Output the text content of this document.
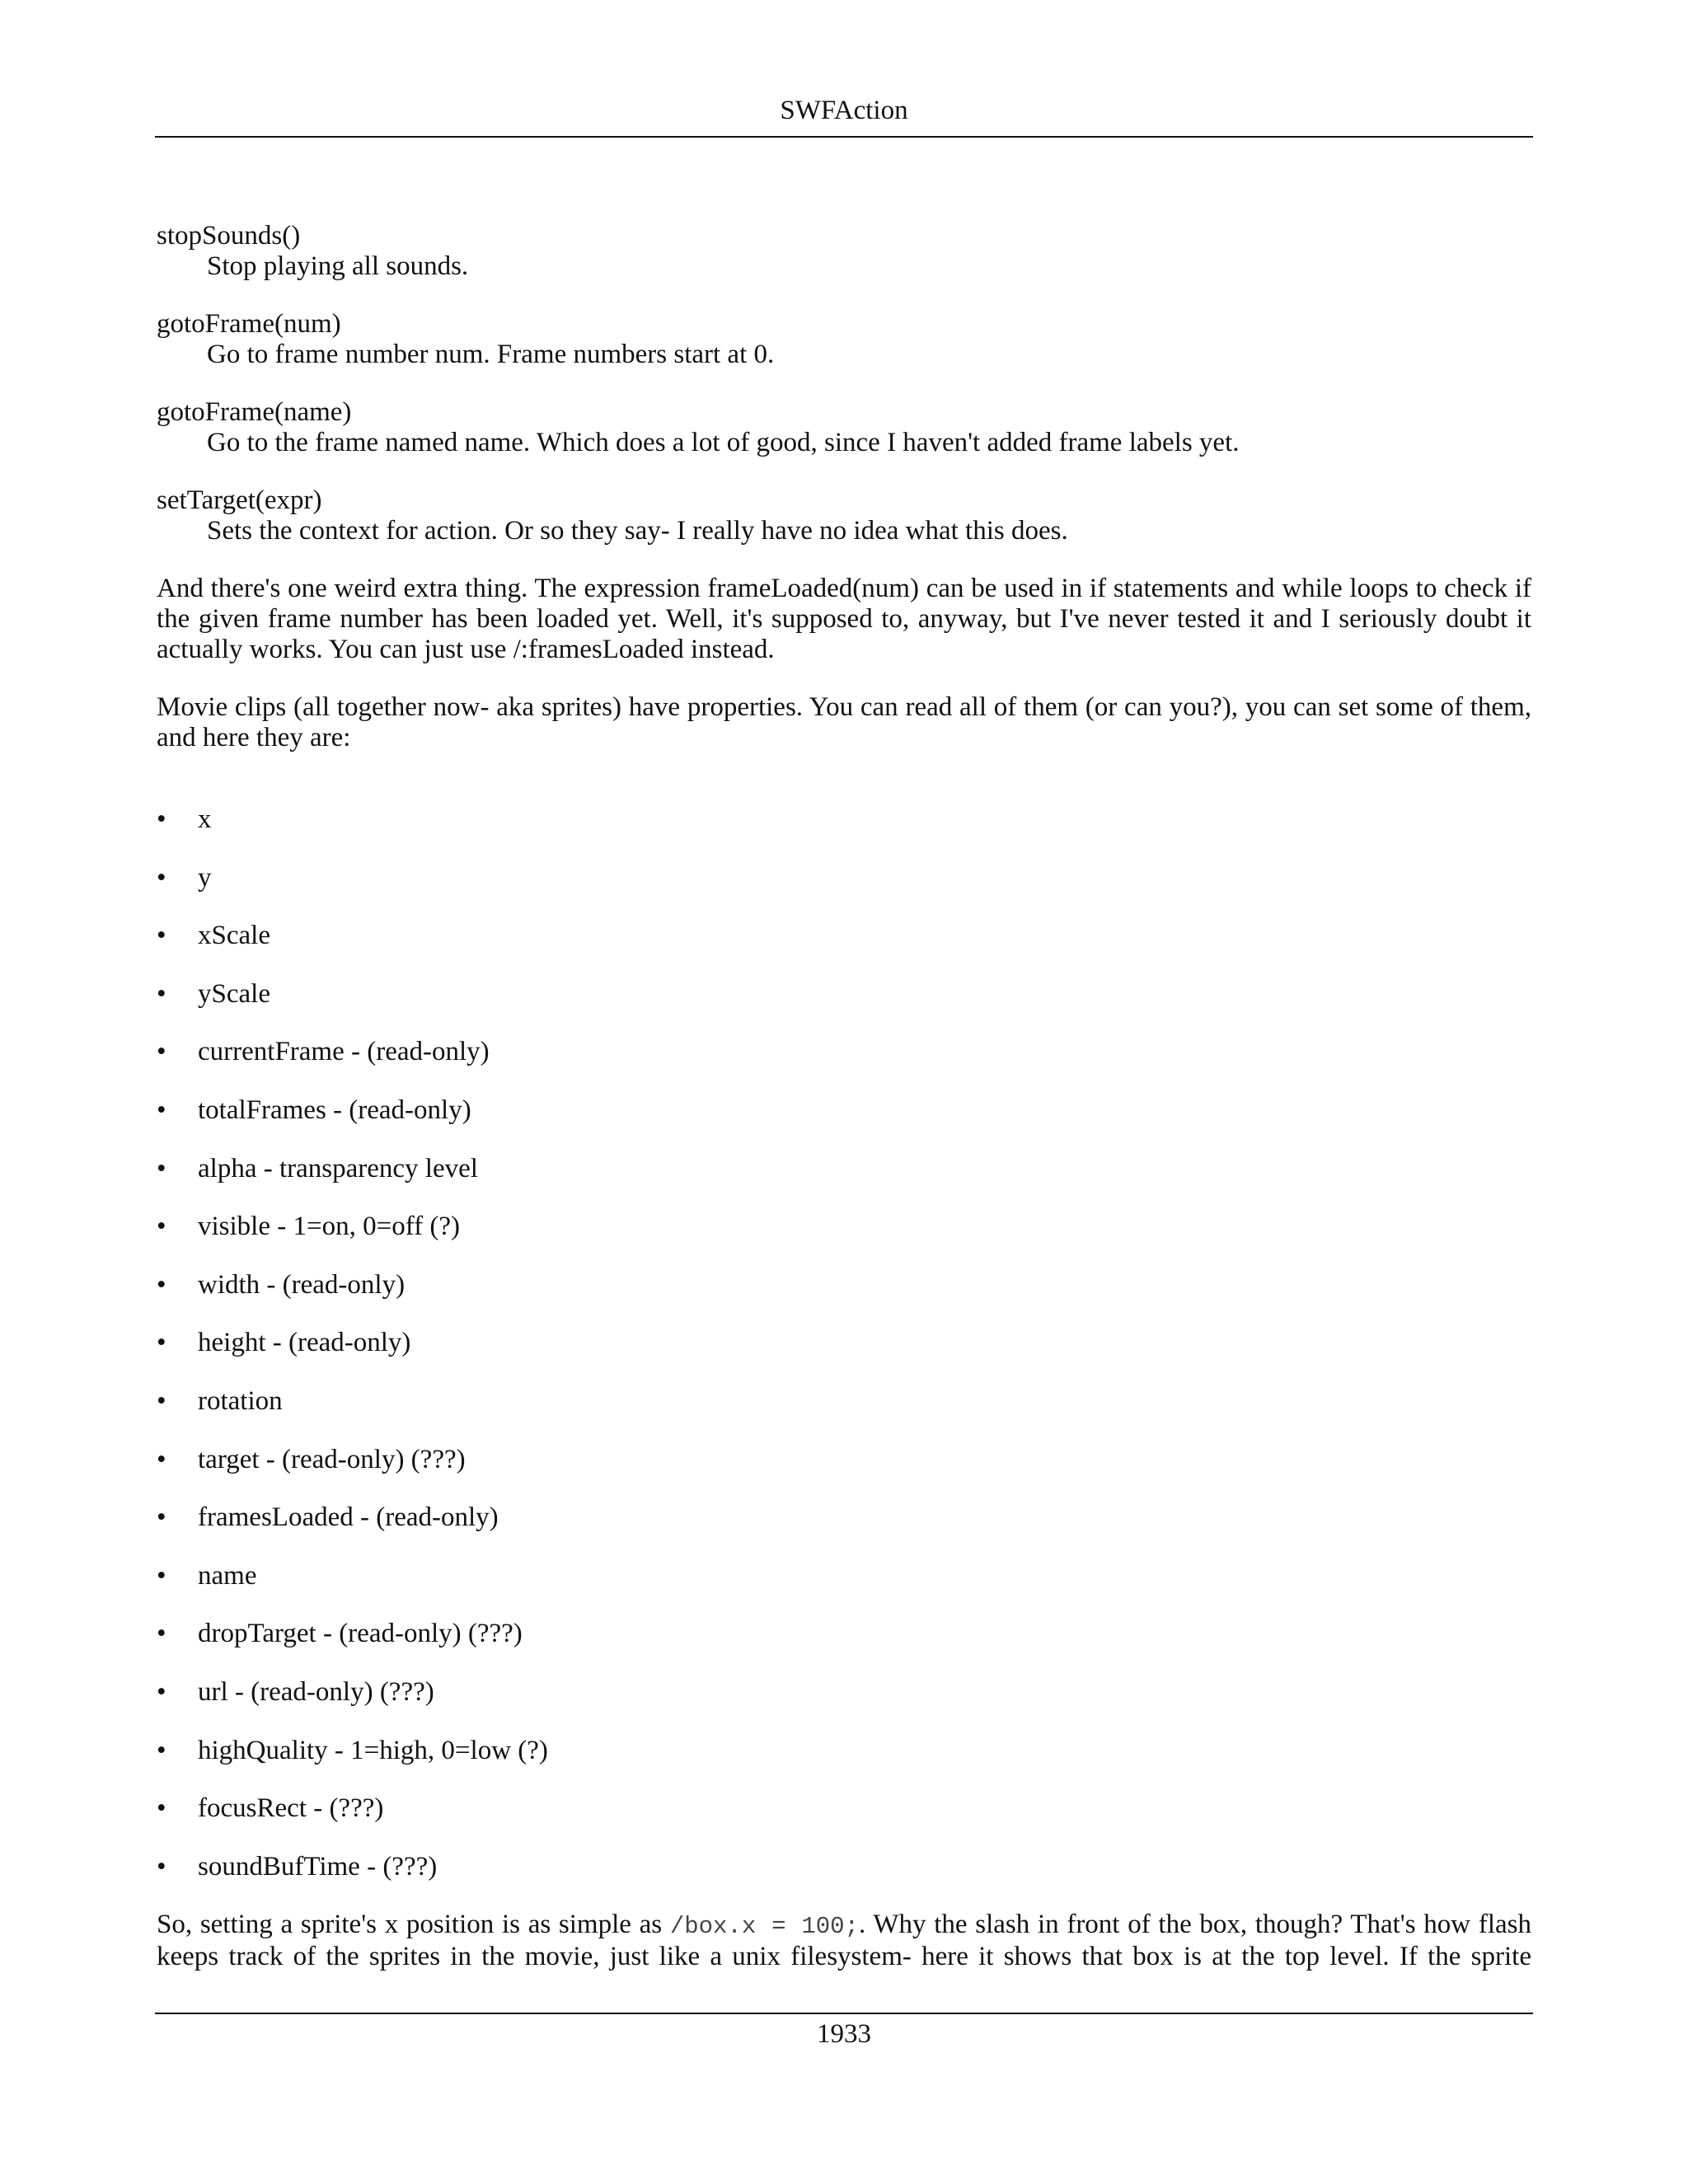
SWFAction
stopSounds()
Stop playing all sounds.
gotoFrame(num)
Go to frame number num. Frame numbers start at 0.
gotoFrame(name)
Go to the frame named name. Which does a lot of good, since I haven't added frame labels yet.
setTarget(expr)
Sets the context for action. Or so they say- I really have no idea what this does.

And there's one weird extra thing. The expression frameLoaded(num) can be used in if statements and while loops to check if the given frame number has been loaded yet. Well, it's supposed to, anyway, but I've never tested it and I seriously doubt it actually works. You can just use /:framesLoaded instead.

Movie clips (all together now- aka sprites) have properties. You can read all of them (or can you?), you can set some of them, and here they are:

• x
• y
• xScale
• yScale
• currentFrame - (read-only)
• totalFrames - (read-only)
• alpha - transparency level
• visible - 1=on, 0=off (?)
• width - (read-only)
• height - (read-only)
• rotation
• target - (read-only) (???)
• framesLoaded - (read-only)
• name
• dropTarget - (read-only) (???)
• url - (read-only) (???)
• highQuality - 1=high, 0=low (?)
• focusRect - (???)
• soundBufTime - (???)
So, setting a sprite's x position is as simple as /box.x = 100;. Why the slash in front of the box, though? That's how flash
keeps track of the sprites in the movie, just like a unix filesystem- here it shows that box is at the top level. If the sprite
1933
